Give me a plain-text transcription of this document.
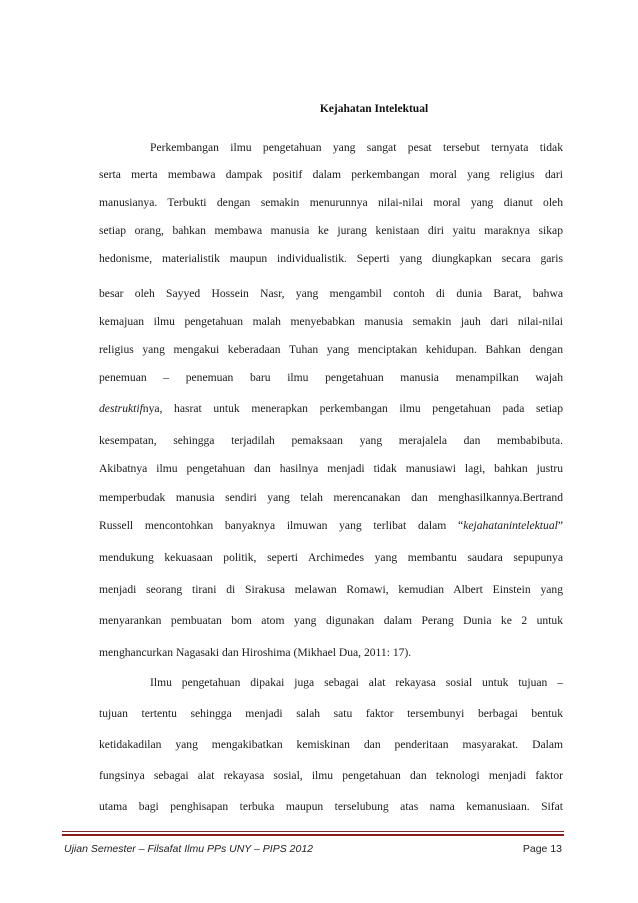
Kejahatan Intelektual
Perkembangan ilmu pengetahuan yang sangat pesat tersebut ternyata tidak
serta merta membawa dampak positif dalam perkembangan moral yang religius dari
manusianya. Terbukti dengan semakin menurunnya nilai-nilai moral yang dianut oleh
setiap orang, bahkan membawa manusia ke jurang kenistaan diri yaitu maraknya sikap
hedonisme, materialistik maupun individualistik. Seperti yang diungkapkan secara garis
besar oleh Sayyed Hossein Nasr, yang mengambil contoh di dunia Barat, bahwa
kemajuan ilmu pengetahuan malah menyebabkan manusia semakin jauh dari nilai-nilai
religius yang mengakui keberadaan Tuhan yang menciptakan kehidupan. Bahkan dengan
penemuan – penemuan baru ilmu pengetahuan manusia menampilkan wajah
destruktifnya, hasrat untuk menerapkan perkembangan ilmu pengetahuan pada setiap
kesempatan, sehingga terjadilah pemaksaan yang merajalela dan membabibuta.
Akibatnya ilmu pengetahuan dan hasilnya menjadi tidak manusiawi lagi, bahkan justru
memperbudak manusia sendiri yang telah merencanakan dan menghasilkannya.Bertrand
Russell mencontohkan banyaknya ilmuwan yang terlibat dalam “kejahatanintelektual”
mendukung kekuasaan politik, seperti Archimedes yang membantu saudara sepupunya
menjadi seorang tirani di Sirakusa melawan Romawi, kemudian Albert Einstein yang
menyarankan pembuatan bom atom yang digunakan dalam Perang Dunia ke 2 untuk
menghancurkan Nagasaki dan Hiroshima (Mikhael Dua, 2011: 17).
Ilmu pengetahuan dipakai juga sebagai alat rekayasa sosial untuk tujuan –
tujuan tertentu sehingga menjadi salah satu faktor tersembunyi berbagai bentuk
ketidakadilan yang mengakibatkan kemiskinan dan penderitaan masyarakat. Dalam
fungsinya sebagai alat rekayasa sosial, ilmu pengetahuan dan teknologi menjadi faktor
utama bagi penghisapan terbuka maupun terselubung atas nama kemanusiaan. Sifat
Ujian Semester – Filsafat Ilmu PPs UNY – PIPS 2012	Page 13
